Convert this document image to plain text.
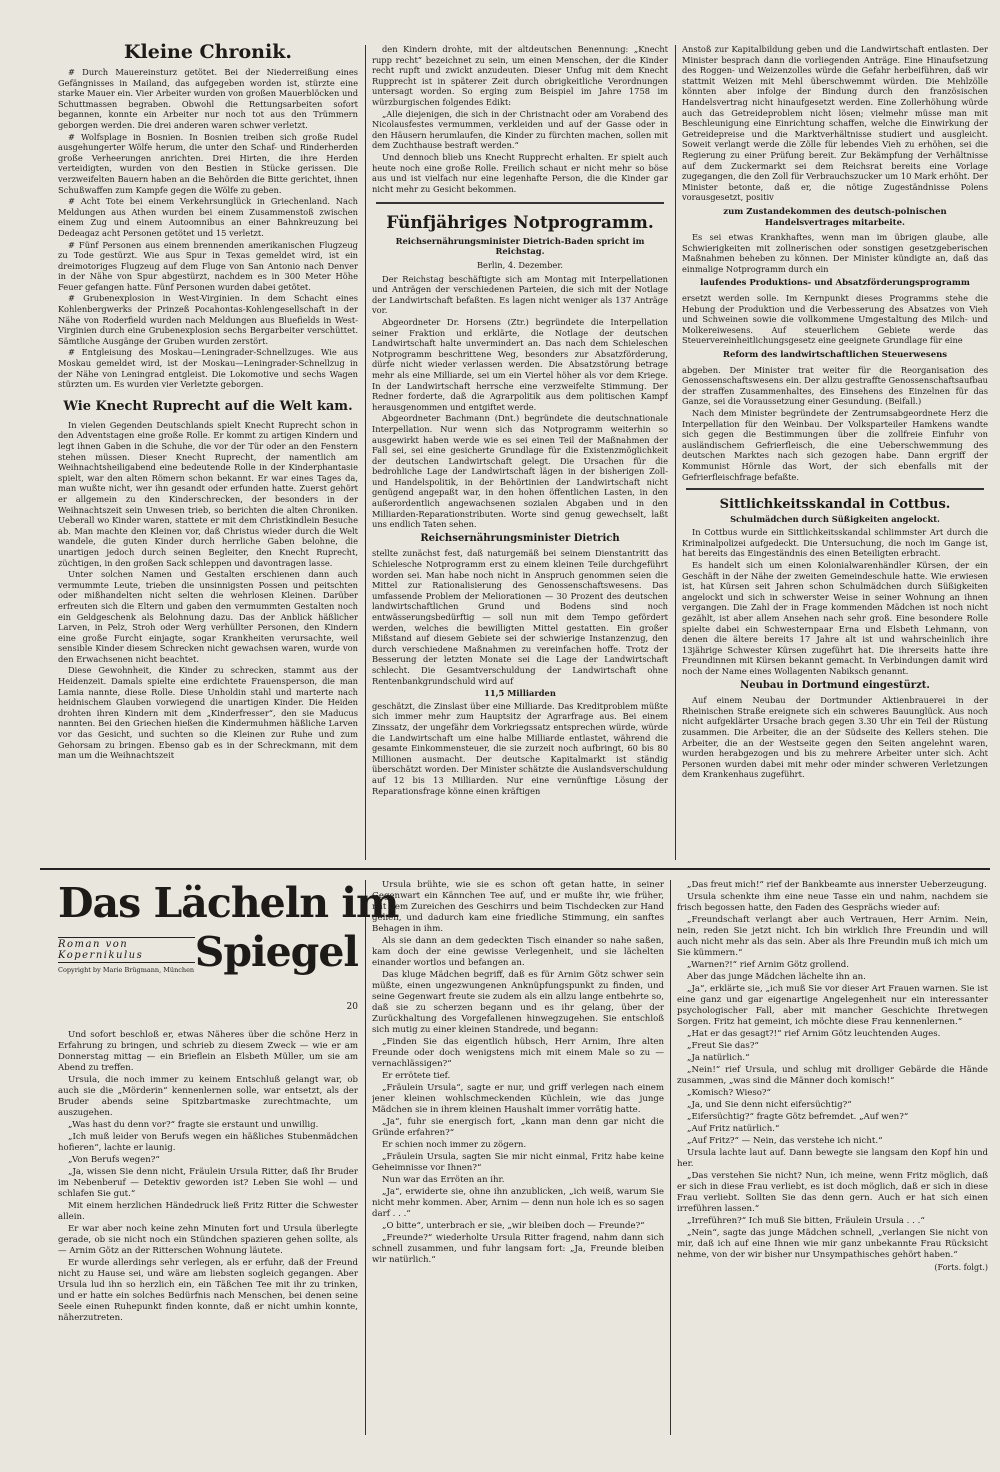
Kleine Chronik.

# Durch Mauereinsturz getötet. Bei der Niederreißung eines Gefängnisses in Mailand, das aufgegeben worden ist, stürzte eine starke Mauer ein. Vier Arbeiter wurden von großen Mauerblöcken und Schuttmassen begraben. Obwohl die Rettungsarbeiten sofort begannen, konnte ein Arbeiter nur noch tot aus den Trümmern geborgen werden. Die drei anderen waren schwer verletzt.

# Wolfsplage in Bosnien. In Bosnien treiben sich große Rudel ausgehungerter Wölfe herum, die unter den Schaf- und Rinderherden große Verheerungen anrichten. Drei Hirten, die ihre Herden verteidigten, wurden von den Bestien in Stücke gerissen. Die verzweifelten Bauern haben an die Behörden die Bitte gerichtet, ihnen Schußwaffen zum Kampfe gegen die Wölfe zu geben.

# Acht Tote bei einem Verkehrsunglück in Griechenland. Nach Meldungen aus Athen wurden bei einem Zusammenstoß zwischen einem Zug und einem Autoomnibus an einer Bahnkreuzung bei Dedeagaz acht Personen getötet und 15 verletzt.

# Fünf Personen aus einem brennenden amerikanischen Flugzeug zu Tode gestürzt. Wie aus Spur in Texas gemeldet wird, ist ein dreimotoriges Flugzeug auf dem Fluge von San Antonio nach Denver in der Nähe von Spur abgestürzt, nachdem es in 300 Meter Höhe Feuer gefangen hatte. Fünf Personen wurden dabei getötet.

# Grubenexplosion in West-Virginien. In dem Schacht eines Kohlenbergwerks der Prinzeß Pocahontas-Kohlengesellschaft in der Nähe von Roderfield wurden nach Meldungen aus Bluefields in West-Virginien durch eine Grubenexplosion sechs Bergarbeiter verschüttet. Sämtliche Ausgänge der Gruben wurden zerstört.

# Entgleisung des Moskau—Leningrader-Schnellzuges. Wie aus Moskau gemeldet wird, ist der Moskau—Leningrader-Schnellzug in der Nähe von Leningrad entgleist. Die Lokomotive und sechs Wagen stürzten um. Es wurden vier Verletzte geborgen.

Wie Knecht Ruprecht auf die Welt kam.

In vielen Gegenden Deutschlands spielt Knecht Ruprecht schon in den Adventstagen eine große Rolle. Er kommt zu artigen Kindern und legt ihnen Gaben in die Schuhe, die vor der Tür oder an den Fenstern stehen müssen. Dieser Knecht Ruprecht, der namentlich am Weihnachtsheiligabend eine bedeutende Rolle in der Kinderphantasie spielt, war den alten Römern schon bekannt. Er war eines Tages da, man wußte nicht, wer ihn gesandt oder erfunden hatte. Zuerst gehört er allgemein zu den Kinderschrecken, der besonders in der Weihnachtszeit sein Unwesen trieb, so berichten die alten Chroniken. Ueberall wo Kinder waren, stattete er mit dem Christkindlein Besuche ab. Man machte den Kleinen vor, daß Christus wieder durch die Welt wandele, die guten Kinder durch herrliche Gaben belohne, die unartigen jedoch durch seinen Begleiter, den Knecht Ruprecht, züchtigen, in den großen Sack schleppen und davontragen lasse.

Unter solchen Namen und Gestalten erschienen dann auch vermummte Leute, trieben die unsinnigsten Possen und peitschten oder mißhandelten nicht selten die wehrlosen Kleinen. Darüber erfreuten sich die Eltern und gaben den vermummten Gestalten noch ein Geldgeschenk als Belohnung dazu. Das der Anblick häßlicher Larven, in Pelz, Stroh oder Werg verhüllter Personen, den Kindern eine große Furcht einjagte, sogar Krankheiten verursachte, weil sensible Kinder diesem Schrecken nicht gewachsen waren, wurde von den Erwachsenen nicht beachtet.

Diese Gewohnheit, die Kinder zu schrecken, stammt aus der Heidenzeit. Damals spielte eine erdichtete Frauensperson, die man Lamia nannte, diese Rolle. Diese Unholdin stahl und marterte nach heidnischem Glauben vorwiegend die unartigen Kinder. Die Heiden drohten ihren Kindern mit dem „Kinderfresser“, den sie Maducus nannten. Bei den Griechen hießen die Kindermuhmen häßliche Larven vor das Gesicht, und suchten so die Kleinen zur Ruhe und zum Gehorsam zu bringen. Ebenso gab es in der Schreckmann, mit dem man um die Weihnachtszeit

den Kindern drohte, mit der altdeutschen Benennung: „Knecht rupp recht“ bezeichnet zu sein, um einen Menschen, der die Kinder recht rupft und zwickt anzudeuten. Dieser Unfug mit dem Knecht Rupprecht ist in späterer Zeit durch obrigkeitliche Verordnungen untersagt worden. So erging zum Beispiel im Jahre 1758 im würzburgischen folgendes Edikt:

„Alle diejenigen, die sich in der Christnacht oder am Vorabend des Nicolausfestes vermummen, verkleiden und auf der Gasse oder in den Häusern herumlaufen, die Kinder zu fürchten machen, sollen mit dem Zuchthause bestraft werden.“

Und dennoch blieb uns Knecht Rupprecht erhalten. Er spielt auch heute noch eine große Rolle. Freilich schaut er nicht mehr so böse aus und ist vielfach nur eine legenhafte Person, die die Kinder gar nicht mehr zu Gesicht bekommen.

Fünfjähriges Notprogramm.
Reichsernährungsminister Dietrich-Baden spricht im Reichstag.
Berlin, 4. Dezember.

Der Reichstag beschäftigte sich am Montag mit Interpellationen und Anträgen der verschiedenen Parteien, die sich mit der Notlage der Landwirtschaft befaßten. Es lagen nicht weniger als 137 Anträge vor.

Abgeordneter Dr. Horsens (Ztr.) begründete die Interpellation seiner Fraktion und erklärte, die Notlage der deutschen Landwirtschaft halte unvermindert an. Das nach dem Schieleschen Notprogramm beschrittene Weg, besonders zur Absatzförderung, dürfe nicht wieder verlassen werden. Die Absatzstörung betrage mehr als eine Milliarde, sei um ein Viertel höher als vor dem Kriege. In der Landwirtschaft herrsche eine verzweifelte Stimmung. Der Redner forderte, daß die Agrarpolitik aus dem politischen Kampf herausgenommen und entgiftet werde.

Abgeordneter Bachmann (Dnt.) begründete die deutschnationale Interpellation. Nur wenn sich das Notprogramm weiterhin so ausgewirkt haben werde wie es sei einen Teil der Maßnahmen der Fall sei, sei eine gesicherte Grundlage für die Existenzmöglichkeit der deutschen Landwirtschaft gelegt. Die Ursachen für die bedrohliche Lage der Landwirtschaft lägen in der bisherigen Zoll- und Handelspolitik, in der Behörtinien der Landwirtschaft nicht genügend angepaßt war, in den hohen öffentlichen Lasten, in den außerordentlich angewachsenen sozialen Abgaben und in den Milliarden-Reparationstributen. Worte sind genug gewechselt, laßt uns endlich Taten sehen.

Reichsernährungsminister Dietrich

stellte zunächst fest, daß naturgemäß bei seinem Dienstantritt das Schielesche Notprogramm erst zu einem kleinen Teile durchgeführt worden sei. Man habe noch nicht in Anspruch genommen seien die Mittel zur Rationalisierung des Genossenschaftswesens. Das umfassende Problem der Meliorationen — 30 Prozent des deutschen landwirtschaftlichen Grund und Bodens sind noch entwässerungsbedürftig — soll nun mit dem Tempo gefördert werden, welches die bewilligten Mittel gestatten. Ein großer Mißstand auf diesem Gebiete sei der schwierige Instanzenzug, den durch verschiedene Maßnahmen zu vereinfachen hoffe. Trotz der Besserung der letzten Monate sei die Lage der Landwirtschaft schlecht. Die Gesamtverschuldung der Landwirtschaft ohne Rentenbankgrundschuld wird auf

11,5 Milliarden

geschätzt, die Zinslast über eine Milliarde. Das Kreditproblem müßte sich immer mehr zum Hauptsitz der Agrarfrage aus. Bei einem Zinssatz, der ungefähr dem Vorkriegssatz entsprechen würde, würde die Landwirtschaft um eine halbe Milliarde entlastet, während die gesamte Einkommensteuer, die sie zurzeit noch aufbringt, 60 bis 80 Millionen ausmacht. Der deutsche Kapitalmarkt ist ständig überschätzt worden. Der Minister schätzte die Auslandsverschuldung auf 12 bis 13 Milliarden. Nur eine vernünftige Lösung der Reparationsfrage könne einen kräftigen

Anstoß zur Kapitalbildung geben und die Landwirtschaft entlasten. Der Minister besprach dann die vorliegenden Anträge. Eine Hinaufsetzung des Roggen- und Weizenzolles würde die Gefahr herbeiführen, daß wir stattmit Weizen mit Mehl überschwemmt würden. Die Mehlzölle könnten aber infolge der Bindung durch den französischen Handelsvertrag nicht hinaufgesetzt werden. Eine Zollerhöhung würde auch das Getreideproblem nicht lösen; vielmehr müsse man mit Beschleunigung eine Einrichtung schaffen, welche die Einwirkung der Getreidepreise und die Marktverhältnisse studiert und ausgleicht. Soweit verlangt werde die Zölle für lebendes Vieh zu erhöhen, sei die Regierung zu einer Prüfung bereit. Zur Bekämpfung der Verhältnisse auf dem Zuckermarkt sei dem Reichsrat bereits eine Vorlage zugegangen, die den Zoll für Verbrauchszucker um 10 Mark erhöht. Der Minister betonte, daß er, die nötige Zugeständnisse Polens vorausgesetzt, positiv

zum Zustandekommen des deutsch-polnischen Handelsvertrages mitarbeite.

Es sei etwas Krankhaftes, wenn man im übrigen glaube, alle Schwierigkeiten mit zollnerischen oder sonstigen gesetzgeberischen Maßnahmen beheben zu können. Der Minister kündigte an, daß das einmalige Notprogramm durch ein

laufendes Produktions- und Absatzförderungsprogramm

ersetzt werden solle. Im Kernpunkt dieses Programms stehe die Hebung der Produktion und die Verbesserung des Absatzes von Vieh und Schweinen sowie die vollkommene Umgestaltung des Milch- und Molkereiwesens. Auf steuerlichem Gebiete werde das Steuervereinheitlichungsgesetz eine geeignete Grundlage für eine

Reform des landwirtschaftlichen Steuerwesens

abgeben. Der Minister trat weiter für die Reorganisation des Genossenschaftswesens ein. Der allzu gestraffte Genossenschaftsaufbau der straffen Zusammenhaltes, des Einsehens des Einzelnen für das Ganze, sei die Voraussetzung einer Gesundung. (Beifall.)

Nach dem Minister begründete der Zentrumsabgeordnete Herz die Interpellation für den Weinbau. Der Volksparteiler Hamkens wandte sich gegen die Bestimmungen über die zollfreie Einfuhr von ausländischem Gefrierfleisch, die eine Ueberschwemmung des deutschen Marktes nach sich gezogen habe. Dann ergriff der Kommunist Hörnle das Wort, der sich ebenfalls mit der Gefrierfleischfrage befaßte.

Sittlichkeitsskandal in Cottbus.
Schulmädchen durch Süßigkeiten angelockt.

In Cottbus wurde ein Sittlichkeitsskandal schlimmster Art durch die Kriminalpolizei aufgedeckt. Die Untersuchung, die noch im Gange ist, hat bereits das Eingeständnis des einen Beteiligten erbracht.

Es handelt sich um einen Kolonialwarenhändler Kürsen, der ein Geschäft in der Nähe der zweiten Gemeindeschule hatte. Wie erwiesen ist, hat Kürsen seit Jahren schon Schulmädchen durch Süßigkeiten angelockt und sich in schwerster Weise in seiner Wohnung an ihnen vergangen. Die Zahl der in Frage kommenden Mädchen ist noch nicht gezählt, ist aber allem Ansehen nach sehr groß. Eine besondere Rolle spielte dabei ein Schwesternpaar Erna und Elsbeth Lehmann, von denen die ältere bereits 17 Jahre alt ist und wahrscheinlich ihre 13jährige Schwester Kürsen zugeführt hat. Die ihrerseits hatte ihre Freundinnen mit Kürsen bekannt gemacht. In Verbindungen damit wird noch der Name eines Wollagenten Nabiksch genannt.

Neubau in Dortmund eingestürzt.

Auf einem Neubau der Dortmunder Aktienbrauerei in der Rheinischen Straße ereignete sich ein schweres Bauunglück. Aus noch nicht aufgeklärter Ursache brach gegen 3.30 Uhr ein Teil der Rüstung zusammen. Die Arbeiter, die an der Südseite des Kellers stehen. Die Arbeiter, die an der Westseite gegen den Seiten angelehnt waren, wurden herabgezogen und bis zu mehrere Arbeiter unter sich. Acht Personen wurden dabei mit mehr oder minder schweren Verletzungen dem Krankenhaus zugeführt.

Das Lächeln im
Roman von Kopernikulus
Copyright by Marie Brügmann, München Spiegel
20

Und sofort beschloß er, etwas Näheres über die schöne Herz in Erfahrung zu bringen, und schrieb zu diesem Zweck — wie er am Donnerstag mittag — ein Brieflein an Elsbeth Müller, um sie am Abend zu treffen.

Ursula, die noch immer zu keinem Entschluß gelangt war, ob auch sie die „Mörderin“ kennenlernen solle, war entsetzt, als der Bruder abends seine Spitzbartmaske zurechtmachte, um auszugehen.

„Was hast du denn vor?“ fragte sie erstaunt und unwillig.

„Ich muß leider von Berufs wegen ein häßliches Stubenmädchen hofieren“, lachte er launig.

„Von Berufs wegen?“

„Ja, wissen Sie denn nicht, Fräulein Ursula Ritter, daß Ihr Bruder im Nebenberuf — Detektiv geworden ist? Leben Sie wohl — und schlafen Sie gut.“

Mit einem herzlichen Händedruck ließ Fritz Ritter die Schwester allein.

Er war aber noch keine zehn Minuten fort und Ursula überlegte gerade, ob sie nicht noch ein Stündchen spazieren gehen sollte, als — Arnim Götz an der Ritterschen Wohnung läutete.

Er wurde allerdings sehr verlegen, als er erfuhr, daß der Freund nicht zu Hause sei, und wäre am liebsten sogleich gegangen. Aber Ursula lud ihn so herzlich ein, ein Täßchen Tee mit ihr zu trinken, und er hatte ein solches Bedürfnis nach Menschen, bei denen seine Seele einen Ruhepunkt finden konnte, daß er nicht umhin konnte, näherzutreten.

Ursula brühte, wie sie es schon oft getan hatte, in seiner Gegenwart ein Kännchen Tee auf, und er mußte ihr, wie früher, mit dem Zureichen des Geschirrs und beim Tischdecken zur Hand gehen, und dadurch kam eine friedliche Stimmung, ein sanftes Behagen in ihm.

Als sie dann an dem gedeckten Tisch einander so nahe saßen, kam doch der eine gewisse Verlegenheit, und sie lächelten einander wortlos und befangen an.

Das kluge Mädchen begriff, daß es für Arnim Götz schwer sein müßte, einen ungezwungenen Anknüpfungspunkt zu finden, und seine Gegenwart freute sie zudem als ein allzu lange entbehrte so, daß sie zu scherzen begann und es ihr gelang, über der Zurückhaltung des Vorgefallenen hinwegzugehen. Sie entschloß sich mutig zu einer kleinen Standrede, und begann:

„Finden Sie das eigentlich hübsch, Herr Arnim, Ihre alten Freunde oder doch wenigstens mich mit einem Male so zu — vernachlässigen?“

Er errötete tief.

„Fräulein Ursula“, sagte er nur, und griff verlegen nach einem jener kleinen wohlschmeckenden Küchlein, wie das junge Mädchen sie in ihrem kleinen Haushalt immer vorrätig hatte.

„Ja“, fuhr sie energisch fort, „kann man denn gar nicht die Gründe erfahren?“

Er schien noch immer zu zögern.

„Fräulein Ursula, sagten Sie mir nicht einmal, Fritz habe keine Geheimnisse vor Ihnen?“

Nun war das Erröten an ihr.

„Ja“, erwiderte sie, ohne ihn anzublicken, „ich weiß, warum Sie nicht mehr kommen. Aber, Arnim — denn nun hole ich es so sagen darf . . .“

„O bitte“, unterbrach er sie, „wir bleiben doch — Freunde?“

„Freunde?“ wiederholte Ursula Ritter fragend, nahm dann sich schnell zusammen, und fuhr langsam fort: „Ja, Freunde bleiben wir natürlich.“

„Das freut mich!“ rief der Bankbeamte aus innerster Ueberzeugung.

Ursula schenkte ihm eine neue Tasse ein und nahm, nachdem sie frisch begossen hatte, den Faden des Gesprächs wieder auf:

„Freundschaft verlangt aber auch Vertrauen, Herr Arnim. Nein, nein, reden Sie jetzt nicht. Ich bin wirklich Ihre Freundin und will auch nicht mehr als das sein. Aber als Ihre Freundin muß ich mich um Sie kümmern.“

„Warnen?!“ rief Arnim Götz grollend.

Aber das junge Mädchen lächelte ihn an.

„Ja“, erklärte sie, „ich muß Sie vor dieser Art Frauen warnen. Sie ist eine ganz und gar eigenartige Angelegenheit nur ein interessanter psychologischer Fall, aber mit mancher Geschichte Ihretwegen Sorgen. Fritz hat gemeint, ich möchte diese Frau kennenlernen.“

„Hat er das gesagt?!“ rief Arnim Götz leuchtenden Auges.

„Freut Sie das?“

„Ja natürlich.“

„Nein!“ rief Ursula, und schlug mit drolliger Gebärde die Hände zusammen, „was sind die Männer doch komisch!“

„Komisch? Wieso?“

„Ja, und Sie denn nicht eifersüchtig?“

„Eifersüchtig?“ fragte Götz befremdet. „Auf wen?“

„Auf Fritz natürlich.“

„Auf Fritz?“ — Nein, das verstehe ich nicht.“

Ursula lachte laut auf. Dann bewegte sie langsam den Kopf hin und her.

„Das verstehen Sie nicht? Nun, ich meine, wenn Fritz möglich, daß er sich in diese Frau verliebt, es ist doch möglich, daß er sich in diese Frau verliebt. Sollten Sie das denn gern. Auch er hat sich einen irreführen lassen.“

„Irreführen?“ Ich muß Sie bitten, Fräulein Ursula . . .“

„Nein“, sagte das junge Mädchen schnell, „verlangen Sie nicht von mir, daß ich auf eine Ihnen wie mir ganz unbekannte Frau Rücksicht nehme, von der wir bisher nur Unsympathisches gehört haben.“

(Forts. folgt.)
